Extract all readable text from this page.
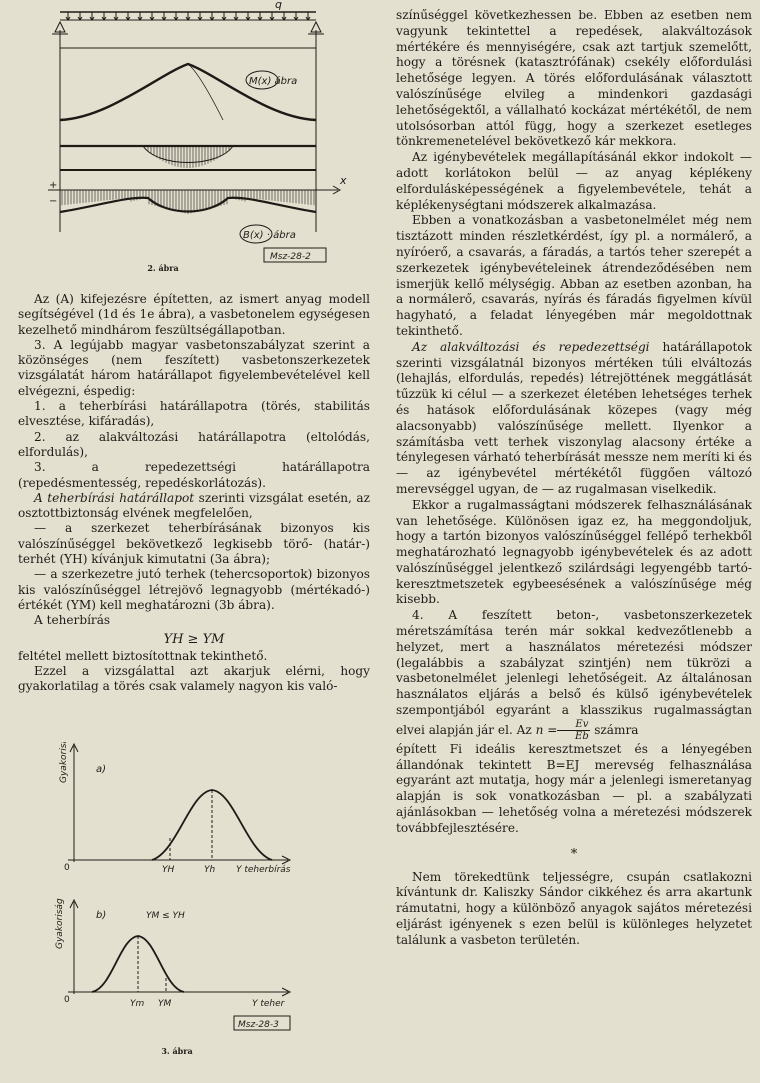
q
x
+
−
M(x) ábra
B(x) · ábra
Msz-28-2
2. ábra

Az (A) kifejezésre építetten, az ismert anyag modell segítségével (1d és 1e ábra), a vasbetonelem egységesen kezelhető mindhárom feszültségállapotban.

3. A legújabb magyar vasbetonszabályzat szerint a közönséges (nem feszített) vasbetonszerkezetek vizsgálatát három határállapot figyelembevételével kell elvégezni, éspedig:

1. a teherbírási határállapotra (törés, stabilitás elvesztése, kifáradás),

2. az alakváltozási határállapotra (eltolódás, elfordulás),

3. a repedezettségi határállapotra (repedésmentesség, repedéskorlátozás).

A teherbírási határállapot szerinti vizsgálat esetén, az osztottbiztonság elvének megfelelően,

— a szerkezet teherbírásának bizonyos kis valószínűséggel bekövetkező legkisebb törő- (határ-) terhét (YH) kívánjuk kimutatni (3a ábra);

— a szerkezetre jutó terhek (tehercsoportok) bizonyos kis valószínűséggel létrejövő legnagyobb (mértékadó-) értékét (YM) kell meghatározni (3b ábra).

A teherbírás

YH ≥ YM

feltétel mellett biztosítottnak tekinthető.

Ezzel a vizsgálattal azt akarjuk elérni, hogy gyakorlatilag a törés csak valamely nagyon kis való-

Gyakoriság
Gyakoriság
a)
b)
0
0
YH	Yh Y teherbírás
YM ≤ YH
Ym YM	Y teher
Msz-28-3
3. ábra

színűséggel következhessen be. Ebben az esetben nem vagyunk tekintettel a repedések, alakváltozások mértékére és mennyiségére, csak azt tartjuk szemelőtt, hogy a törésnek (katasztrófának) csekély előfordulási lehetősége legyen. A törés előfordulásának választott valószínűsége elvileg a mindenkori gazdasági lehetőségektől, a vállalható kockázat mértékétől, de nem utolsósorban attól függ, hogy a szerkezet esetleges tönkremenetelével bekövetkező kár mekkora.

Az igénybevételek megállapításánál ekkor indokolt — adott korlátokon belül — az anyag képlékeny elfordulásképességének a figyelembevétele, tehát a képlékenységtani módszerek alkalmazása.

Ebben a vonatkozásban a vasbetonelmélet még nem tisztázott minden részletkérdést, így pl. a normálerő, a nyíróerő, a csavarás, a fáradás, a tartós teher szerepét a szerkezetek igénybevételeinek átrendeződésében nem ismerjük kellő mélységig. Abban az esetben azonban, ha a normálerő, csavarás, nyírás és fáradás figyelmen kívül hagyható, a feladat lényegében már megoldottnak tekinthető.

Az alakváltozási és repedezettségi határállapotok szerinti vizsgálatnál bizonyos mértéken túli elváltozás (lehajlás, elfordulás, repedés) létrejöttének meggátlását tűzzük ki célul — a szerkezet életében lehetséges terhek és hatások előfordulásának közepes (vagy még alacsonyabb) valószínűsége mellett. Ilyenkor a számításba vett terhek viszonylag alacsony értéke a ténylegesen várható teherbírását messze nem meríti ki és — az igénybevétel mértékétől függően változó merevséggel ugyan, de — az rugalmasan viselkedik.

Ekkor a rugalmasságtani módszerek felhasználásának van lehetősége. Különösen igaz ez, ha meggondoljuk, hogy a tartón bizonyos valószínűséggel fellépő terhekből meghatározható legnagyobb igénybevételek és az adott valószínűséggel jelentkező szilárdsági legyengébb tartó-keresztmetszetek egybeesésének a valószínűsége még kisebb.

4. A feszített beton-, vasbetonszerkezetek méretszámítása terén már sokkal kedvezőtlenebb a helyzet, mert a használatos méretezési módszer (legalábbis a szabályzat szintjén) nem tükrözi a vasbetonelmélet jelenlegi lehetőségeit. Az általánosan használatos eljárás a belső és külső igénybevételek szempontjából egyaránt a klasszikus rugalmasságtan elvei alapján jár el. Az $n = \frac{Ev}{Eb}$ számra

épített Fi ideális keresztmetszet és a lényegében állandónak tekintett B=EJ merevség felhasználása egyaránt azt mutatja, hogy már a jelenlegi ismeretanyag alapján is sok vonatkozásban — pl. a szabályzati ajánlásokban — lehetőség volna a méretezési módszerek továbbfejlesztésére.

*

Nem törekedtünk teljességre, csupán csatlakozni kívántunk dr. Kaliszky Sándor cikkéhez és arra akartunk rámutatni, hogy a különböző anyagok sajátos méretezési eljárást igényenek s ezen belül is különleges helyzetet találunk a vasbeton területén.
